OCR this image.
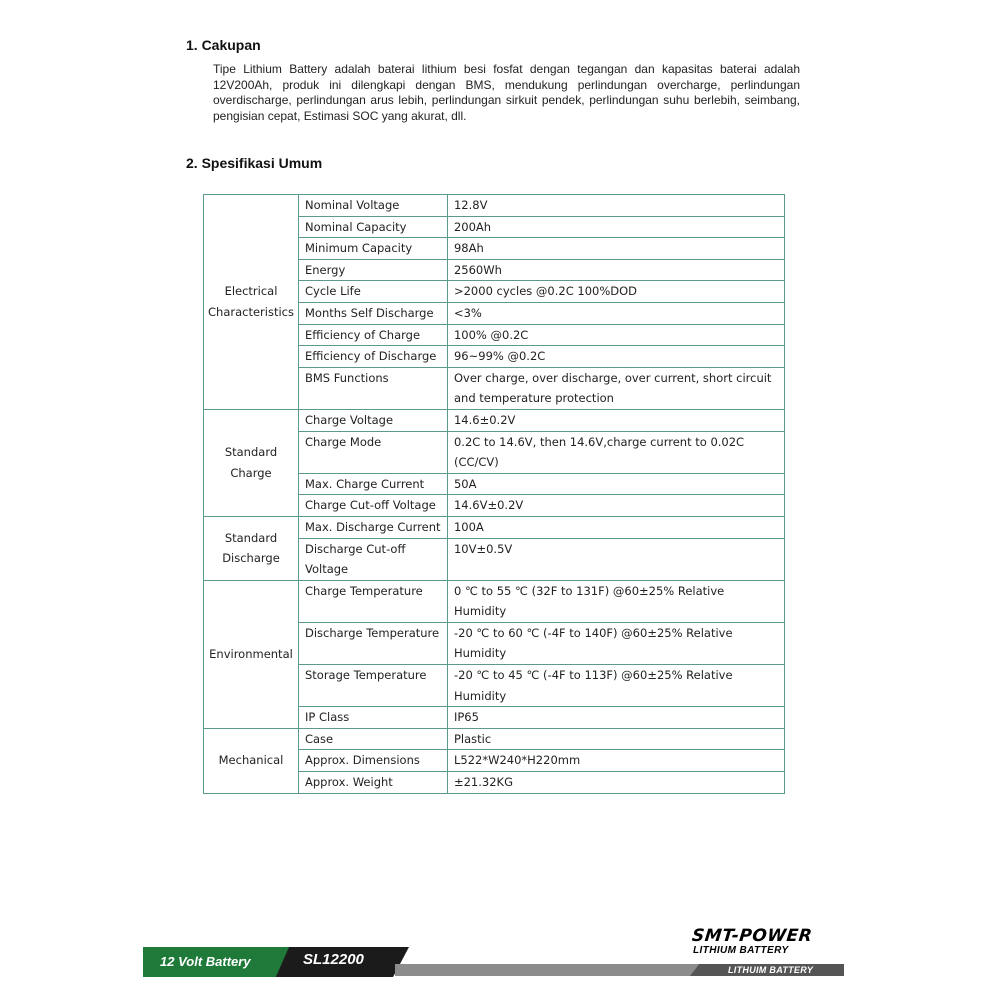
1. Cakupan
Tipe Lithium Battery adalah baterai lithium besi fosfat dengan tegangan dan kapasitas baterai adalah 12V200Ah, produk ini dilengkapi dengan BMS, mendukung perlindungan overcharge, perlindungan overdischarge, perlindungan arus lebih, perlindungan sirkuit pendek, perlindungan suhu berlebih, seimbang, pengisian cepat, Estimasi SOC yang akurat, dll.
2. Spesifikasi Umum
Electrical Characteristics	Nominal Voltage	12.8V
	Nominal Capacity	200Ah
	Minimum Capacity	98Ah
	Energy	2560Wh
	Cycle Life	>2000 cycles @0.2C 100%DOD
	Months Self Discharge	<3%
	Efficiency of Charge	100% @0.2C
	Efficiency of Discharge	96~99% @0.2C
	BMS Functions	Over charge, over discharge, over current, short circuit and temperature protection
Standard Charge	Charge Voltage	14.6±0.2V
	Charge Mode	0.2C to 14.6V, then 14.6V,charge current to 0.02C (CC/CV)
	Max. Charge Current	50A
	Charge Cut-off Voltage	14.6V±0.2V
Standard Discharge	Max. Discharge Current	100A
	Discharge Cut-off Voltage	10V±0.5V
Environmental	Charge Temperature	0 ℃ to 55 ℃ (32F to 131F) @60±25% Relative Humidity
	Discharge Temperature	-20 ℃ to 60 ℃ (-4F to 140F) @60±25% Relative Humidity
	Storage Temperature	-20 ℃ to 45 ℃ (-4F to 113F) @60±25% Relative Humidity
	IP Class	IP65
Mechanical	Case	Plastic
	Approx. Dimensions	L522*W240*H220mm
	Approx. Weight	±21.32KG
12 Volt Battery	SL12200
LITHUIM BATTERY
SMT-POWER
LITHIUM BATTERY
